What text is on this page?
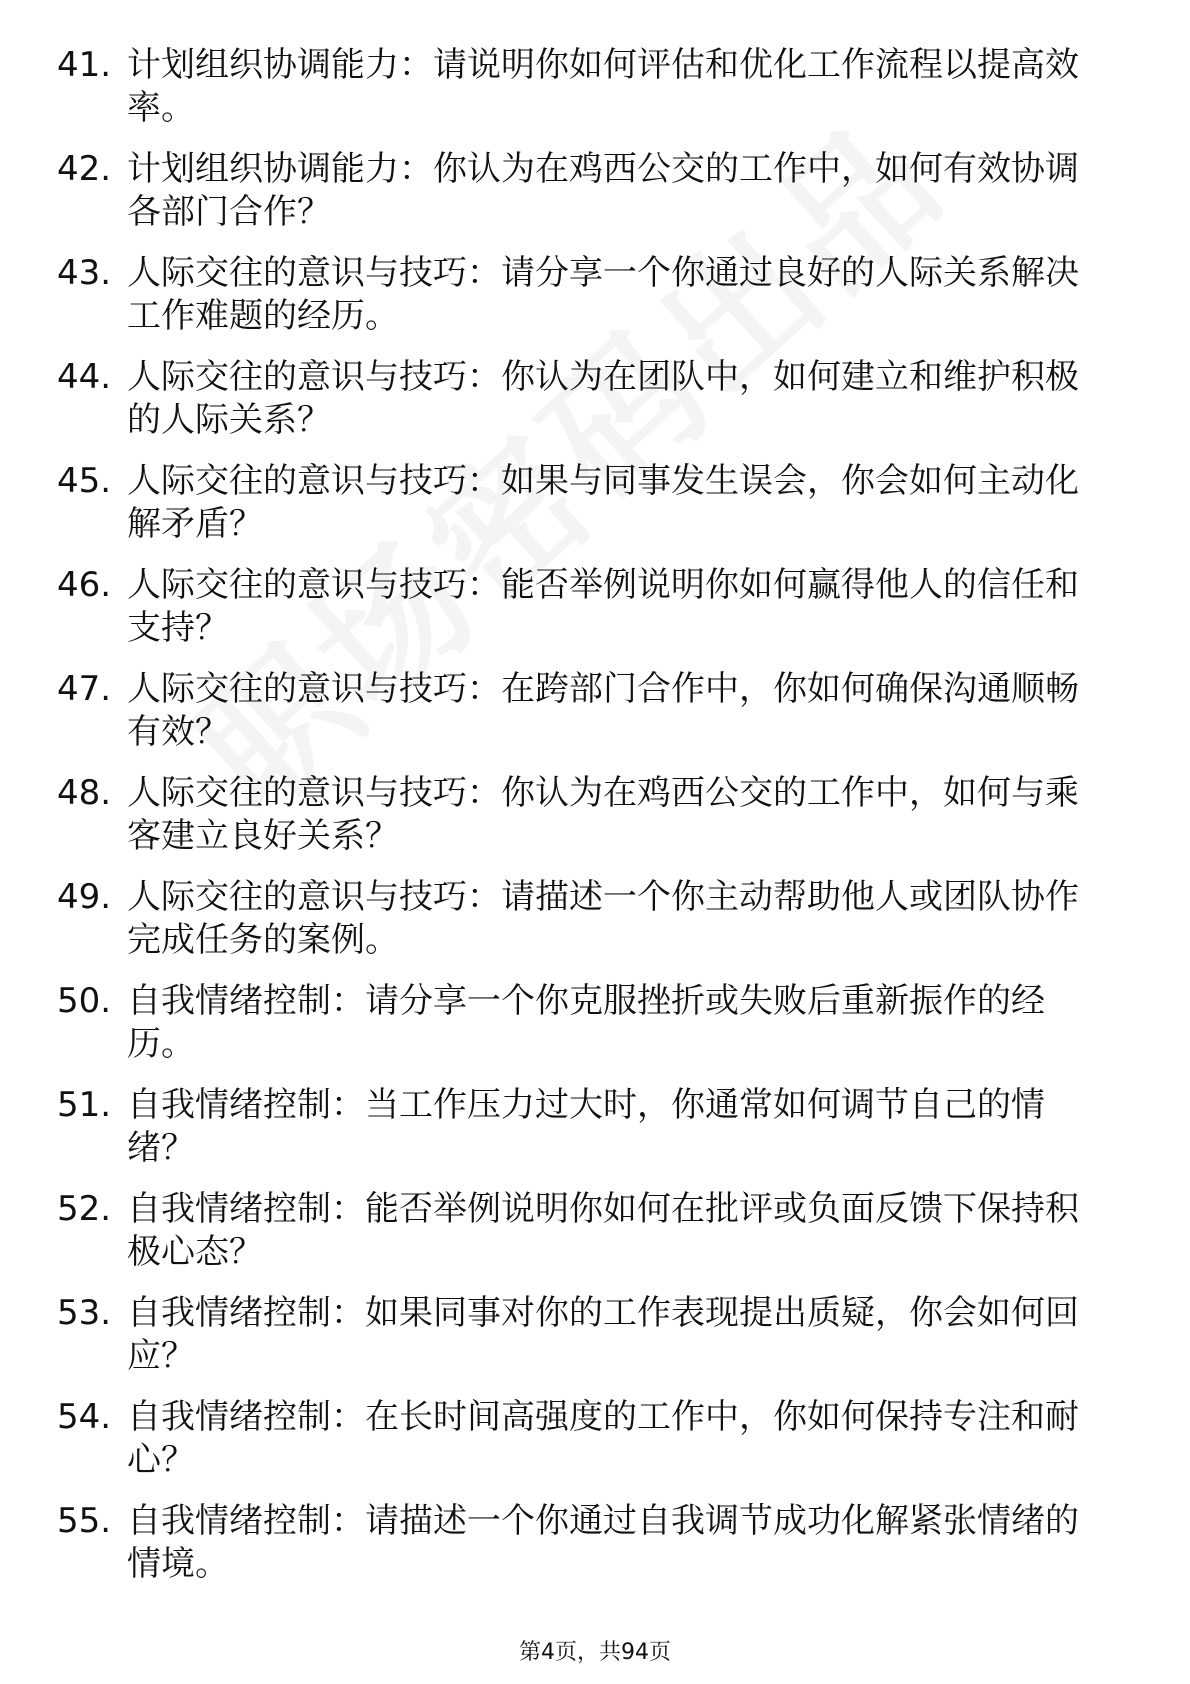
41. 计划组织协调能力：请说明你如何评估和优化工作流程以提高效率。
42. 计划组织协调能力：你认为在鸡西公交的工作中，如何有效协调各部门合作？
43. 人际交往的意识与技巧：请分享一个你通过良好的人际关系解决工作难题的经历。
44. 人际交往的意识与技巧：你认为在团队中，如何建立和维护积极的人际关系？
45. 人际交往的意识与技巧：如果与同事发生误会，你会如何主动化解矛盾？
46. 人际交往的意识与技巧：能否举例说明你如何赢得他人的信任和支持？
47. 人际交往的意识与技巧：在跨部门合作中，你如何确保沟通顺畅有效？
48. 人际交往的意识与技巧：你认为在鸡西公交的工作中，如何与乘客建立良好关系？
49. 人际交往的意识与技巧：请描述一个你主动帮助他人或团队协作完成任务的案例。
50. 自我情绪控制：请分享一个你克服挫折或失败后重新振作的经历。
51. 自我情绪控制：当工作压力过大时，你通常如何调节自己的情绪？
52. 自我情绪控制：能否举例说明你如何在批评或负面反馈下保持积极心态？
53. 自我情绪控制：如果同事对你的工作表现提出质疑，你会如何回应？
54. 自我情绪控制：在长时间高强度的工作中，你如何保持专注和耐心？
55. 自我情绪控制：请描述一个你通过自我调节成功化解紧张情绪的情境。
第4页，共94页
